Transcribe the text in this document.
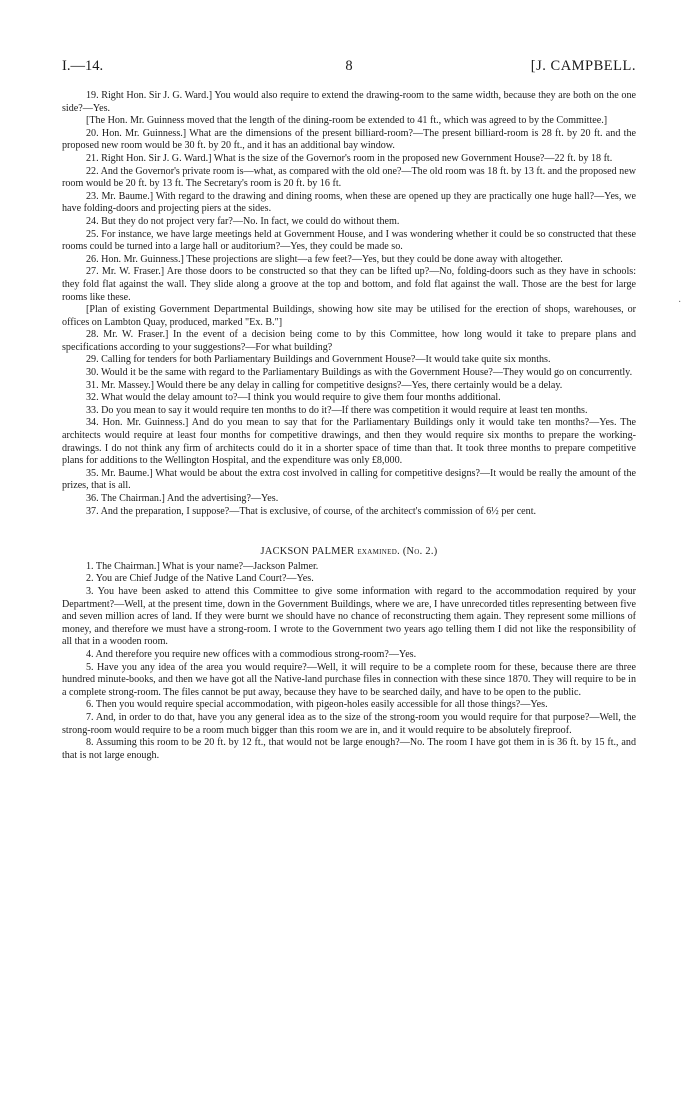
I.—14.	8	[J. CAMPBELL.

19. Right Hon. Sir J. G. Ward.] You would also require to extend the drawing-room to the same width, because they are both on the one side?—Yes.

[The Hon. Mr. Guinness moved that the length of the dining-room be extended to 41 ft., which was agreed to by the Committee.]

20. Hon. Mr. Guinness.] What are the dimensions of the present billiard-room?—The present billiard-room is 28 ft. by 20 ft. and the proposed new room would be 30 ft. by 20 ft., and it has an additional bay window.

21. Right Hon. Sir J. G. Ward.] What is the size of the Governor's room in the proposed new Government House?—22 ft. by 18 ft.

22. And the Governor's private room is—what, as compared with the old one?—The old room was 18 ft. by 13 ft. and the proposed new room would be 20 ft. by 13 ft. The Secretary's room is 20 ft. by 16 ft.

23. Mr. Baume.] With regard to the drawing and dining rooms, when these are opened up they are practically one huge hall?—Yes, we have folding-doors and projecting piers at the sides.

24. But they do not project very far?—No. In fact, we could do without them.

25. For instance, we have large meetings held at Government House, and I was wondering whether it could be so constructed that these rooms could be turned into a large hall or auditorium?—Yes, they could be made so.

26. Hon. Mr. Guinness.] These projections are slight—a few feet?—Yes, but they could be done away with altogether.

27. Mr. W. Fraser.] Are those doors to be constructed so that they can be lifted up?—No, folding-doors such as they have in schools: they fold flat against the wall. They slide along a groove at the top and bottom, and fold flat against the wall. Those are the best for large rooms like these.

[Plan of existing Government Departmental Buildings, showing how site may be utilised for the erection of shops, warehouses, or offices on Lambton Quay, produced, marked "Ex. B."]

28. Mr. W. Fraser.] In the event of a decision being come to by this Committee, how long would it take to prepare plans and specifications according to your suggestions?—For what building?

29. Calling for tenders for both Parliamentary Buildings and Government House?—It would take quite six months.

30. Would it be the same with regard to the Parliamentary Buildings as with the Government House?—They would go on concurrently.

31. Mr. Massey.] Would there be any delay in calling for competitive designs?—Yes, there certainly would be a delay.

32. What would the delay amount to?—I think you would require to give them four months additional.

33. Do you mean to say it would require ten months to do it?—If there was competition it would require at least ten months.

34. Hon. Mr. Guinness.] And do you mean to say that for the Parliamentary Buildings only it would take ten months?—Yes. The architects would require at least four months for competitive drawings, and then they would require six months to prepare the working-drawings. I do not think any firm of architects could do it in a shorter space of time than that. It took three months to prepare competitive plans for additions to the Wellington Hospital, and the expenditure was only £8,000.

35. Mr. Baume.] What would be about the extra cost involved in calling for competitive designs?—It would be really the amount of the prizes, that is all.

36. The Chairman.] And the advertising?—Yes.

37. And the preparation, I suppose?—That is exclusive, of course, of the architect's commission of 6½ per cent.

JACKSON PALMER examined. (No. 2.)

1. The Chairman.] What is your name?—Jackson Palmer.

2. You are Chief Judge of the Native Land Court?—Yes.

3. You have been asked to attend this Committee to give some information with regard to the accommodation required by your Department?—Well, at the present time, down in the Government Buildings, where we are, I have unrecorded titles representing between five and seven million acres of land. If they were burnt we should have no chance of reconstructing them again. They represent some millions of money, and therefore we must have a strong-room. I wrote to the Government two years ago telling them I did not like the responsibility of all that in a wooden room.

4. And therefore you require new offices with a commodious strong-room?—Yes.

5. Have you any idea of the area you would require?—Well, it will require to be a complete room for these, because there are three hundred minute-books, and then we have got all the Native-land purchase files in connection with these since 1870. They will require to be in a complete strong-room. The files cannot be put away, because they have to be searched daily, and have to be open to the public.

6. Then you would require special accommodation, with pigeon-holes easily accessible for all those things?—Yes.

7. And, in order to do that, have you any general idea as to the size of the strong-room you would require for that purpose?—Well, the strong-room would require to be a room much bigger than this room we are in, and it would require to be absolutely fireproof.

8. Assuming this room to be 20 ft. by 12 ft., that would not be large enough?—No. The room I have got them in is 36 ft. by 15 ft., and that is not large enough.

·
